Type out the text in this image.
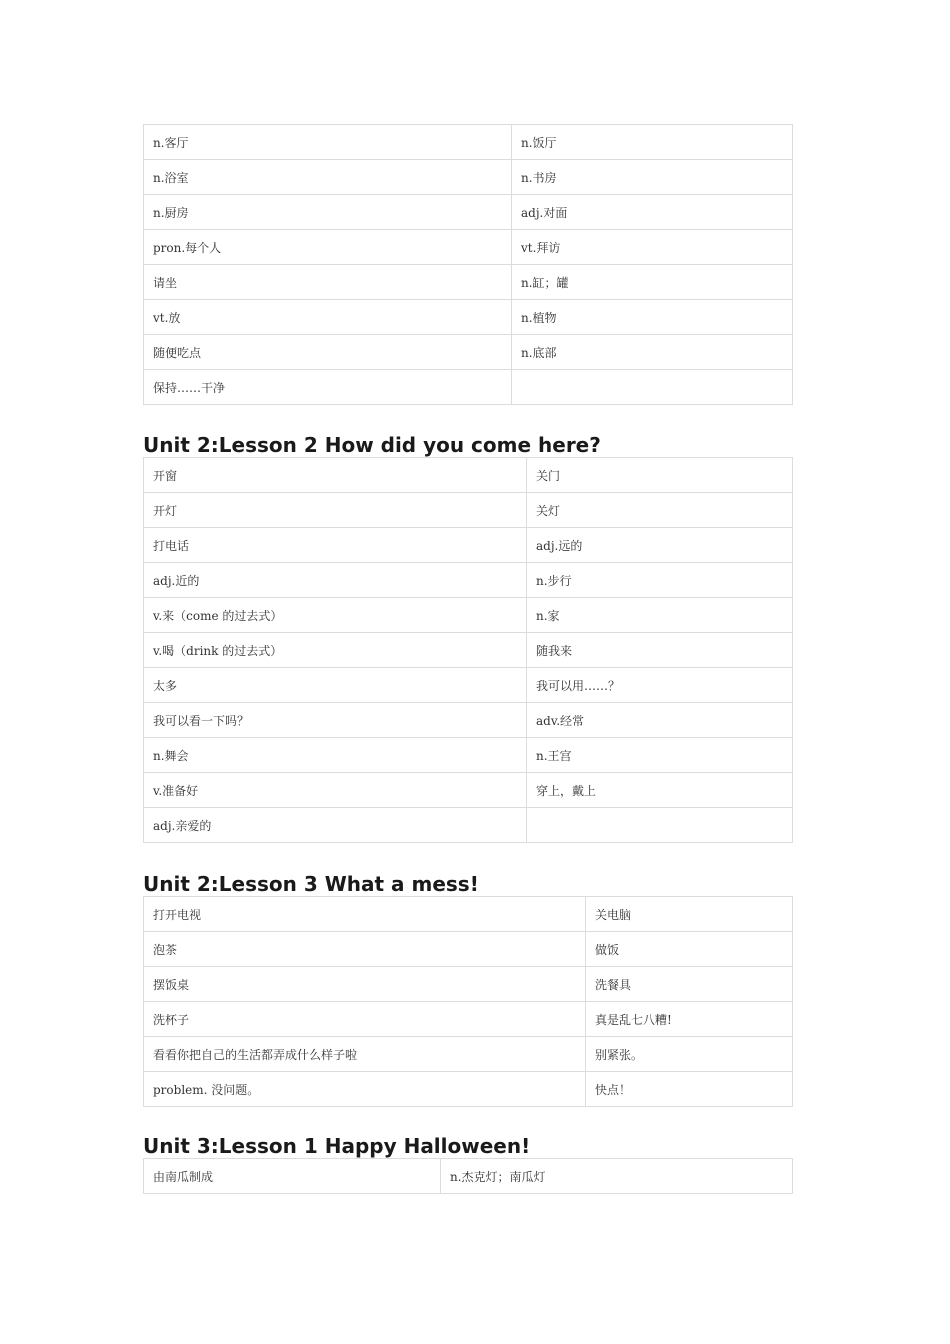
n.客厅	n.饭厅
n.浴室	n.书房
n.厨房	adj.对面
pron.每个人	vt.拜访
请坐	n.缸；罐
vt.放	n.植物
随便吃点	n.底部
保持……干净	
Unit 2:Lesson 2 How did you come here?
开窗	关门
开灯	关灯
打电话	adj.远的
adj.近的	n.步行
v.来（come 的过去式）	n.家
v.喝（drink 的过去式）	随我来
太多	我可以用……？
我可以看一下吗？	adv.经常
n.舞会	n.王宫
v.准备好	穿上，戴上
adj.亲爱的	
Unit 2:Lesson 3 What a mess!
打开电视	关电脑
泡茶	做饭
摆饭桌	洗餐具
洗杯子	真是乱七八糟!
看看你把自己的生活都弄成什么样子啦	别紧张。
problem. 没问题。	快点！
Unit 3:Lesson 1 Happy Halloween!
由南瓜制成	n.杰克灯；南瓜灯
